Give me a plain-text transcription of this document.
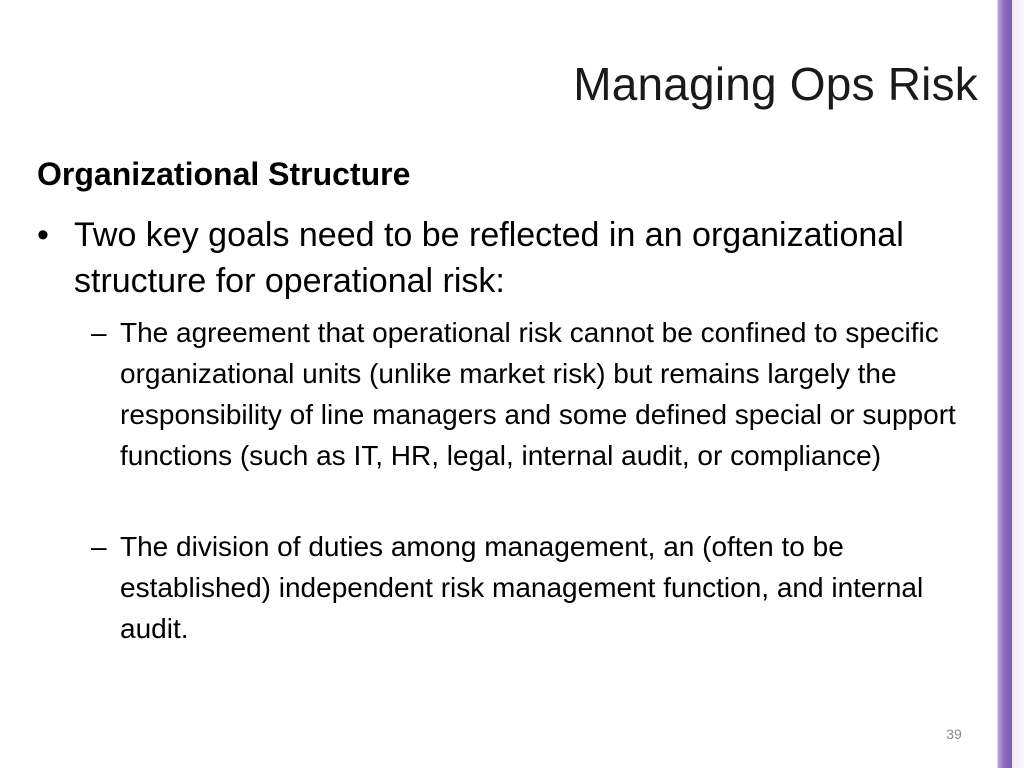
Managing Ops Risk
Organizational Structure
• Two key goals need to be reflected in an organizational structure for operational risk:
– The agreement that operational risk cannot be confined to specific organizational units (unlike market risk) but remains largely the responsibility of line managers and some defined special or support functions (such as IT, HR, legal, internal audit, or compliance)
– The division of duties among management, an (often to be established) independent risk management function, and internal audit.
39
